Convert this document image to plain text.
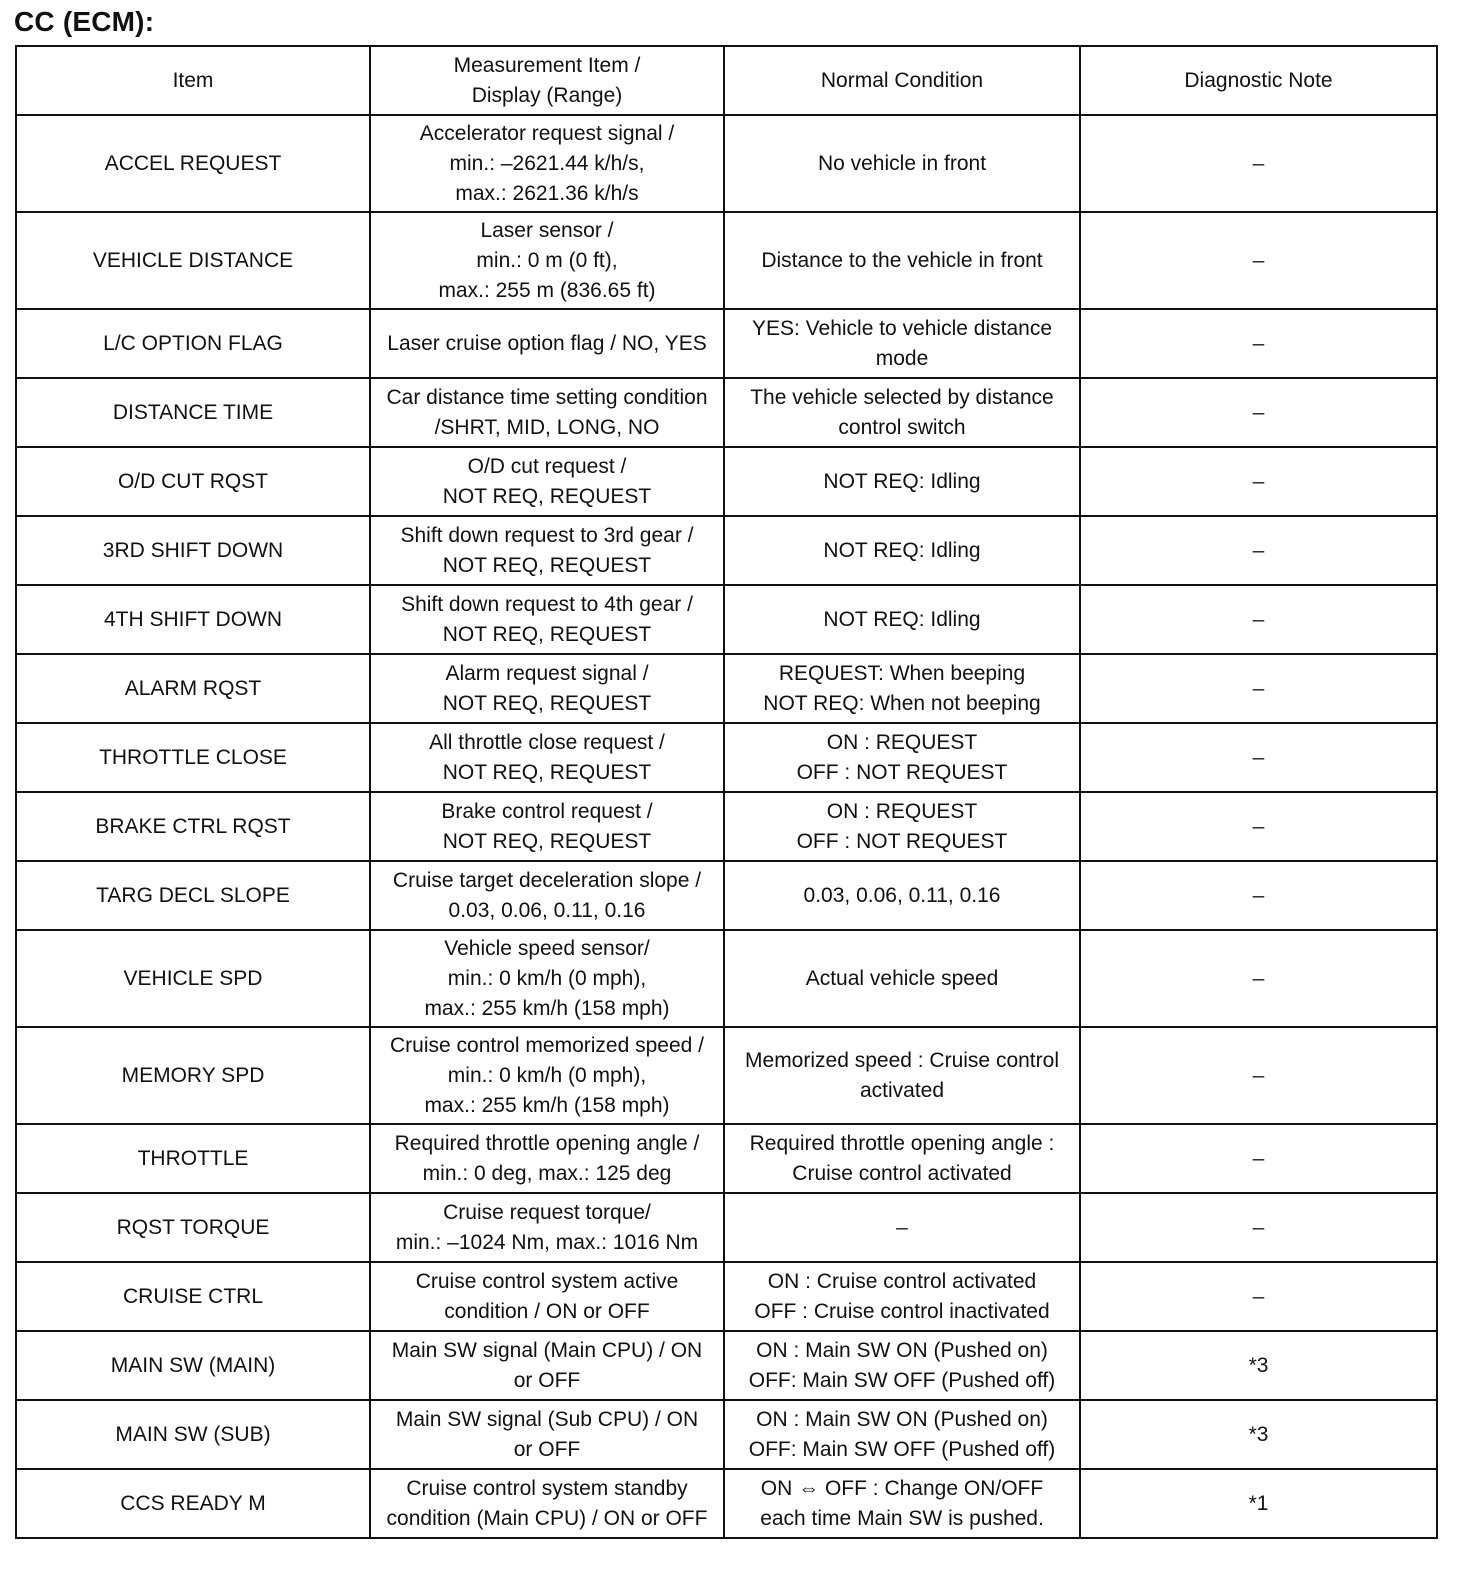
CC (ECM):
Item	Measurement Item /
Display (Range)	Normal Condition	Diagnostic Note
ACCEL REQUEST	Accelerator request signal /
min.: –2621.44 k/h/s,
max.: 2621.36 k/h/s	No vehicle in front	–
VEHICLE DISTANCE	Laser sensor /
min.: 0 m (0 ft),
max.: 255 m (836.65 ft)	Distance to the vehicle in front	–
L/C OPTION FLAG	Laser cruise option flag / NO, YES	YES: Vehicle to vehicle distance
mode	–
DISTANCE TIME	Car distance time setting condition
/SHRT, MID, LONG, NO	The vehicle selected by distance
control switch	–
O/D CUT RQST	O/D cut request /
NOT REQ, REQUEST	NOT REQ: Idling	–
3RD SHIFT DOWN	Shift down request to 3rd gear /
NOT REQ, REQUEST	NOT REQ: Idling	–
4TH SHIFT DOWN	Shift down request to 4th gear /
NOT REQ, REQUEST	NOT REQ: Idling	–
ALARM RQST	Alarm request signal /
NOT REQ, REQUEST	REQUEST: When beeping
NOT REQ: When not beeping	–
THROTTLE CLOSE	All throttle close request /
NOT REQ, REQUEST	ON : REQUEST
OFF : NOT REQUEST	–
BRAKE CTRL RQST	Brake control request /
NOT REQ, REQUEST	ON : REQUEST
OFF : NOT REQUEST	–
TARG DECL SLOPE	Cruise target deceleration slope /
0.03, 0.06, 0.11, 0.16	0.03, 0.06, 0.11, 0.16	–
VEHICLE SPD	Vehicle speed sensor/
min.: 0 km/h (0 mph),
max.: 255 km/h (158 mph)	Actual vehicle speed	–
MEMORY SPD	Cruise control memorized speed /
min.: 0 km/h (0 mph),
max.: 255 km/h (158 mph)	Memorized speed : Cruise control
activated	–
THROTTLE	Required throttle opening angle /
min.: 0 deg, max.: 125 deg	Required throttle opening angle :
Cruise control activated	–
RQST TORQUE	Cruise request torque/
min.: –1024 Nm, max.: 1016 Nm	–	–
CRUISE CTRL	Cruise control system active
condition / ON or OFF	ON : Cruise control activated
OFF : Cruise control inactivated	–
MAIN SW (MAIN)	Main SW signal (Main CPU) / ON
or OFF	ON : Main SW ON (Pushed on)
OFF: Main SW OFF (Pushed off)	*3
MAIN SW (SUB)	Main SW signal (Sub CPU) / ON
or OFF	ON : Main SW ON (Pushed on)
OFF: Main SW OFF (Pushed off)	*3
CCS READY M	Cruise control system standby
condition (Main CPU) / ON or OFF	ON ⇔ OFF : Change ON/OFF
each time Main SW is pushed.	*1
